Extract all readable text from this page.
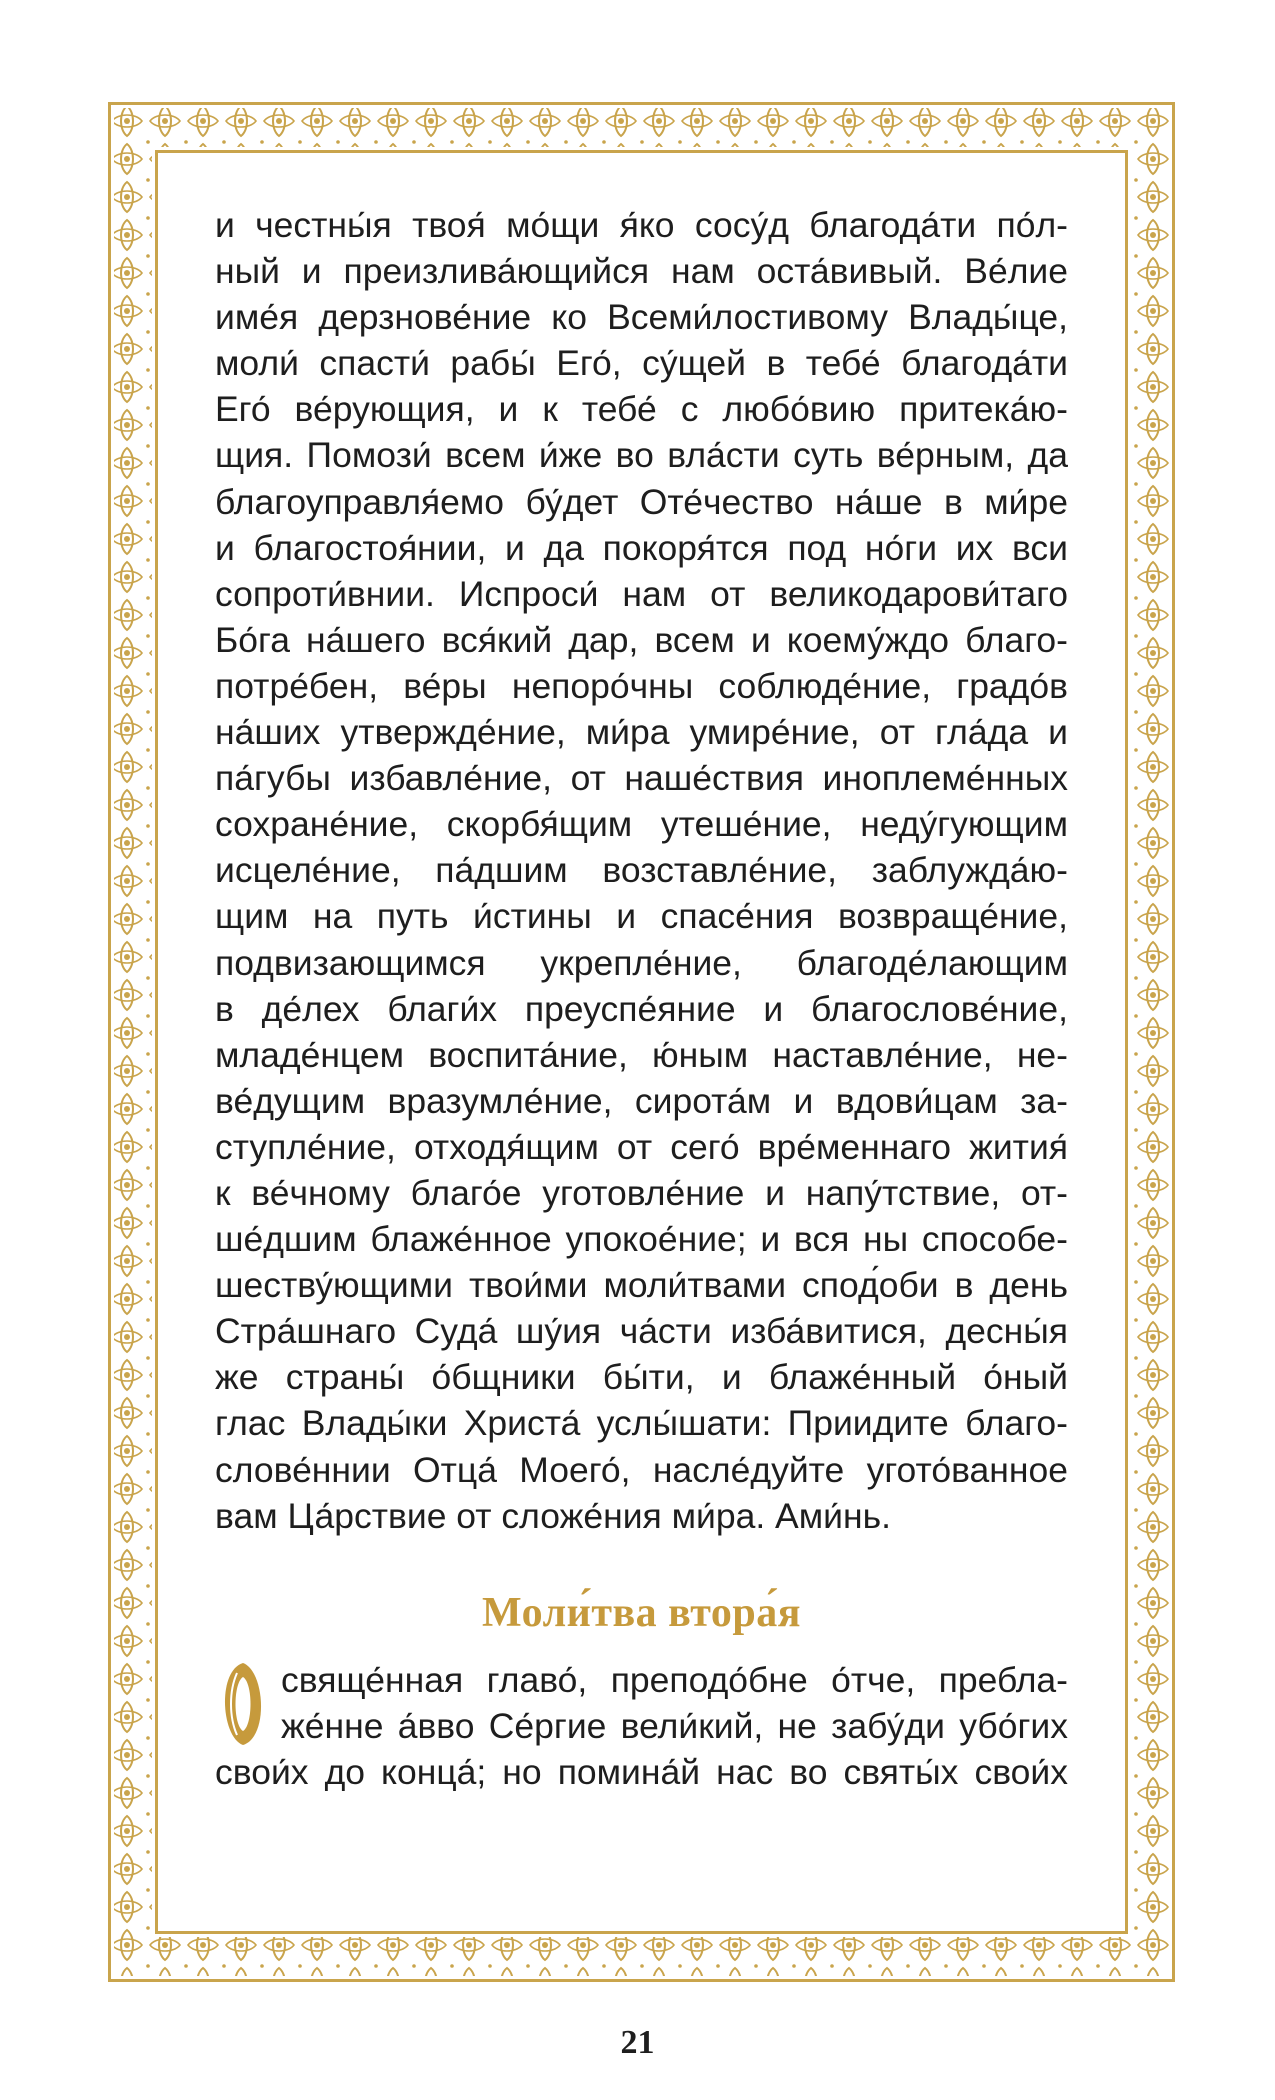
и честны́я твоя́ мо́щи я́ко сосу́д благода́ти по́л-
ный и преизлива́ющийся нам оста́вивый. Ве́лие
име́я дерзнове́ние ко Всеми́лостивому Влады́це,
моли́ спасти́ рабы́ Его́, су́щей в тебе́ благода́ти
Его́ ве́рующия, и к тебе́ с любо́вию притека́ю-
щия. Помози́ всем и́же во вла́сти суть ве́рным, да
благоуправля́емо бу́дет Оте́чество на́ше в ми́ре
и благостоя́нии, и да покоря́тся под но́ги их вси
сопроти́внии. Испроси́ нам от великодарови́таго
Бо́га на́шего вся́кий дар, всем и коему́ждо благо-
потре́бен, ве́ры непоро́чны соблюде́ние, градо́в
на́ших утвержде́ние, ми́ра умире́ние, от гла́да и
па́губы избавле́ние, от наше́ствия иноплеме́нных
сохране́ние, скорбя́щим утеше́ние, неду́гующим
исцеле́ние, па́дшим возставле́ние, заблужда́ю-
щим на путь и́стины и спасе́ния возвраще́ние,
подвизающимся укрепле́ние, благоде́лающим
в де́лех благи́х преуспе́яние и благослове́ние,
младе́нцем воспита́ние, ю́ным наставле́ние, не-
ве́дущим вразумле́ние, сирота́м и вдови́цам за-
ступле́ние, отходя́щим от сего́ вре́меннаго жития́
к ве́чному благо́е уготовле́ние и напу́тствие, от-
ше́дшим блаже́нное упокое́ние; и вся ны способе-
шеству́ющими твои́ми моли́твами спод́оби в день
Стра́шнаго Суда́ шу́ия ча́сти изба́витися, десны́я
же страны́ о́бщники бы́ти, и блаже́нный о́ный
глас Влады́ки Христа́ услы́шати: Приидите благо-
слове́ннии Отца́ Моего́, насле́дуйте угото́ванное
вам Ца́рствие от сложе́ния ми́ра. Ами́нь.
Моли́тва втора́я
свяще́нная главо́, преподо́бне о́тче, пребла-
же́нне а́вво Се́ргие вели́кий, не забу́ди убо́гих
свои́х до конца́; но помина́й нас во святы́х свои́х
21
